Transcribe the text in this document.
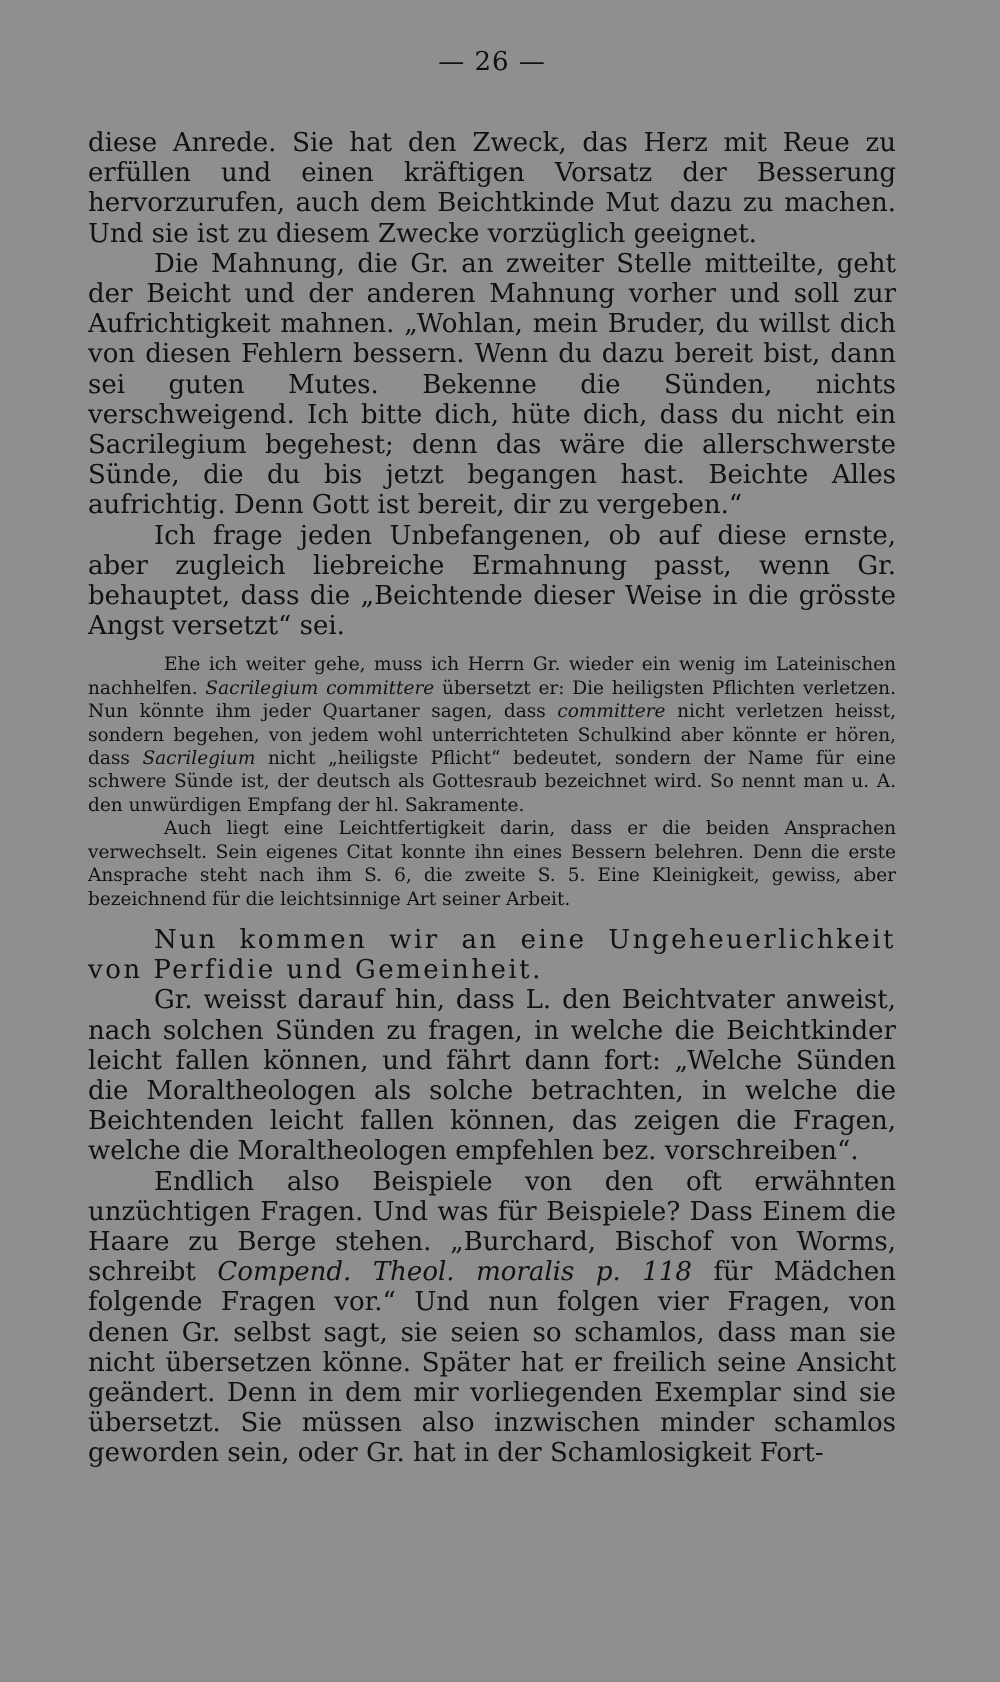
— 26 —

diese Anrede. Sie hat den Zweck, das Herz mit Reue zu erfüllen und einen kräftigen Vorsatz der Besserung hervorzurufen, auch dem Beichtkinde Mut dazu zu machen. Und sie ist zu diesem Zwecke vorzüglich geeignet.

Die Mahnung, die Gr. an zweiter Stelle mitteilte, geht der Beicht und der anderen Mahnung vorher und soll zur Aufrichtigkeit mahnen. „Wohlan, mein Bruder, du willst dich von diesen Fehlern bessern. Wenn du dazu bereit bist, dann sei guten Mutes. Bekenne die Sünden, nichts verschweigend. Ich bitte dich, hüte dich, dass du nicht ein Sacrilegium begehest; denn das wäre die allerschwerste Sünde, die du bis jetzt begangen hast. Beichte Alles aufrichtig. Denn Gott ist bereit, dir zu vergeben.“

Ich frage jeden Unbefangenen, ob auf diese ernste, aber zugleich liebreiche Ermahnung passt, wenn Gr. behauptet, dass die „Beichtende dieser Weise in die grösste Angst versetzt“ sei.

Ehe ich weiter gehe, muss ich Herrn Gr. wieder ein wenig im Lateinischen nachhelfen. Sacrilegium committere übersetzt er: Die heiligsten Pflichten verletzen. Nun könnte ihm jeder Quartaner sagen, dass committere nicht verletzen heisst, sondern begehen, von jedem wohl unterrichteten Schulkind aber könnte er hören, dass Sacrilegium nicht „heiligste Pflicht“ bedeutet, sondern der Name für eine schwere Sünde ist, der deutsch als Gottesraub bezeichnet wird. So nennt man u. A. den unwürdigen Empfang der hl. Sakramente.

Auch liegt eine Leichtfertigkeit darin, dass er die beiden Ansprachen verwechselt. Sein eigenes Citat konnte ihn eines Bessern belehren. Denn die erste Ansprache steht nach ihm S. 6, die zweite S. 5. Eine Kleinigkeit, gewiss, aber bezeichnend für die leichtsinnige Art seiner Arbeit.

Nun kommen wir an eine Ungeheuerlichkeit von Perfidie und Gemeinheit.

Gr. weisst darauf hin, dass L. den Beichtvater anweist, nach solchen Sünden zu fragen, in welche die Beichtkinder leicht fallen können, und fährt dann fort: „Welche Sünden die Moraltheologen als solche betrachten, in welche die Beichtenden leicht fallen können, das zeigen die Fragen, welche die Moraltheologen empfehlen bez. vorschreiben“.

Endlich also Beispiele von den oft erwähnten unzüchtigen Fragen. Und was für Beispiele? Dass Einem die Haare zu Berge stehen. „Burchard, Bischof von Worms, schreibt Compend. Theol. moralis p. 118 für Mädchen folgende Fragen vor.“ Und nun folgen vier Fragen, von denen Gr. selbst sagt, sie seien so schamlos, dass man sie nicht übersetzen könne. Später hat er freilich seine Ansicht geändert. Denn in dem mir vorliegenden Exemplar sind sie übersetzt. Sie müssen also inzwischen minder schamlos geworden sein, oder Gr. hat in der Schamlosigkeit Fort-
